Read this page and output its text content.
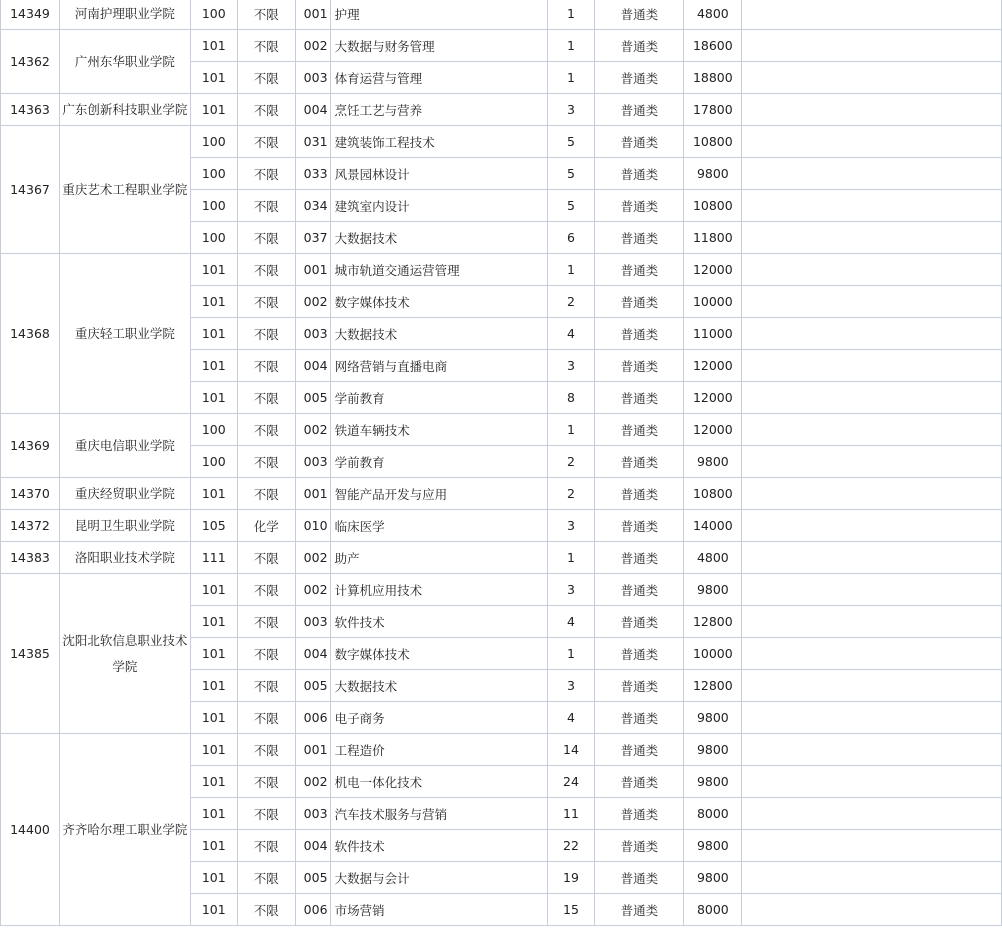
14349	河南护理职业学院	100	不限	001	护理	1	普通类	4800	
14362	广州东华职业学院	101	不限	002	大数据与财务管理	1	普通类	18600	
		101	不限	003	体育运营与管理	1	普通类	18800	
14363	广东创新科技职业学院	101	不限	004	烹饪工艺与营养	3	普通类	17800	
14367	重庆艺术工程职业学院	100	不限	031	建筑装饰工程技术	5	普通类	10800	
		100	不限	033	风景园林设计	5	普通类	9800	
		100	不限	034	建筑室内设计	5	普通类	10800	
		100	不限	037	大数据技术	6	普通类	11800	
14368	重庆轻工职业学院	101	不限	001	城市轨道交通运营管理	1	普通类	12000	
		101	不限	002	数字媒体技术	2	普通类	10000	
		101	不限	003	大数据技术	4	普通类	11000	
		101	不限	004	网络营销与直播电商	3	普通类	12000	
		101	不限	005	学前教育	8	普通类	12000	
14369	重庆电信职业学院	100	不限	002	铁道车辆技术	1	普通类	12000	
		100	不限	003	学前教育	2	普通类	9800	
14370	重庆经贸职业学院	101	不限	001	智能产品开发与应用	2	普通类	10800	
14372	昆明卫生职业学院	105	化学	010	临床医学	3	普通类	14000	
14383	洛阳职业技术学院	111	不限	002	助产	1	普通类	4800	
14385	沈阳北软信息职业技术学院	101	不限	002	计算机应用技术	3	普通类	9800	
		101	不限	003	软件技术	4	普通类	12800	
		101	不限	004	数字媒体技术	1	普通类	10000	
		101	不限	005	大数据技术	3	普通类	12800	
		101	不限	006	电子商务	4	普通类	9800	
14400	齐齐哈尔理工职业学院	101	不限	001	工程造价	14	普通类	9800	
		101	不限	002	机电一体化技术	24	普通类	9800	
		101	不限	003	汽车技术服务与营销	11	普通类	8000	
		101	不限	004	软件技术	22	普通类	9800	
		101	不限	005	大数据与会计	19	普通类	9800	
		101	不限	006	市场营销	15	普通类	8000	
